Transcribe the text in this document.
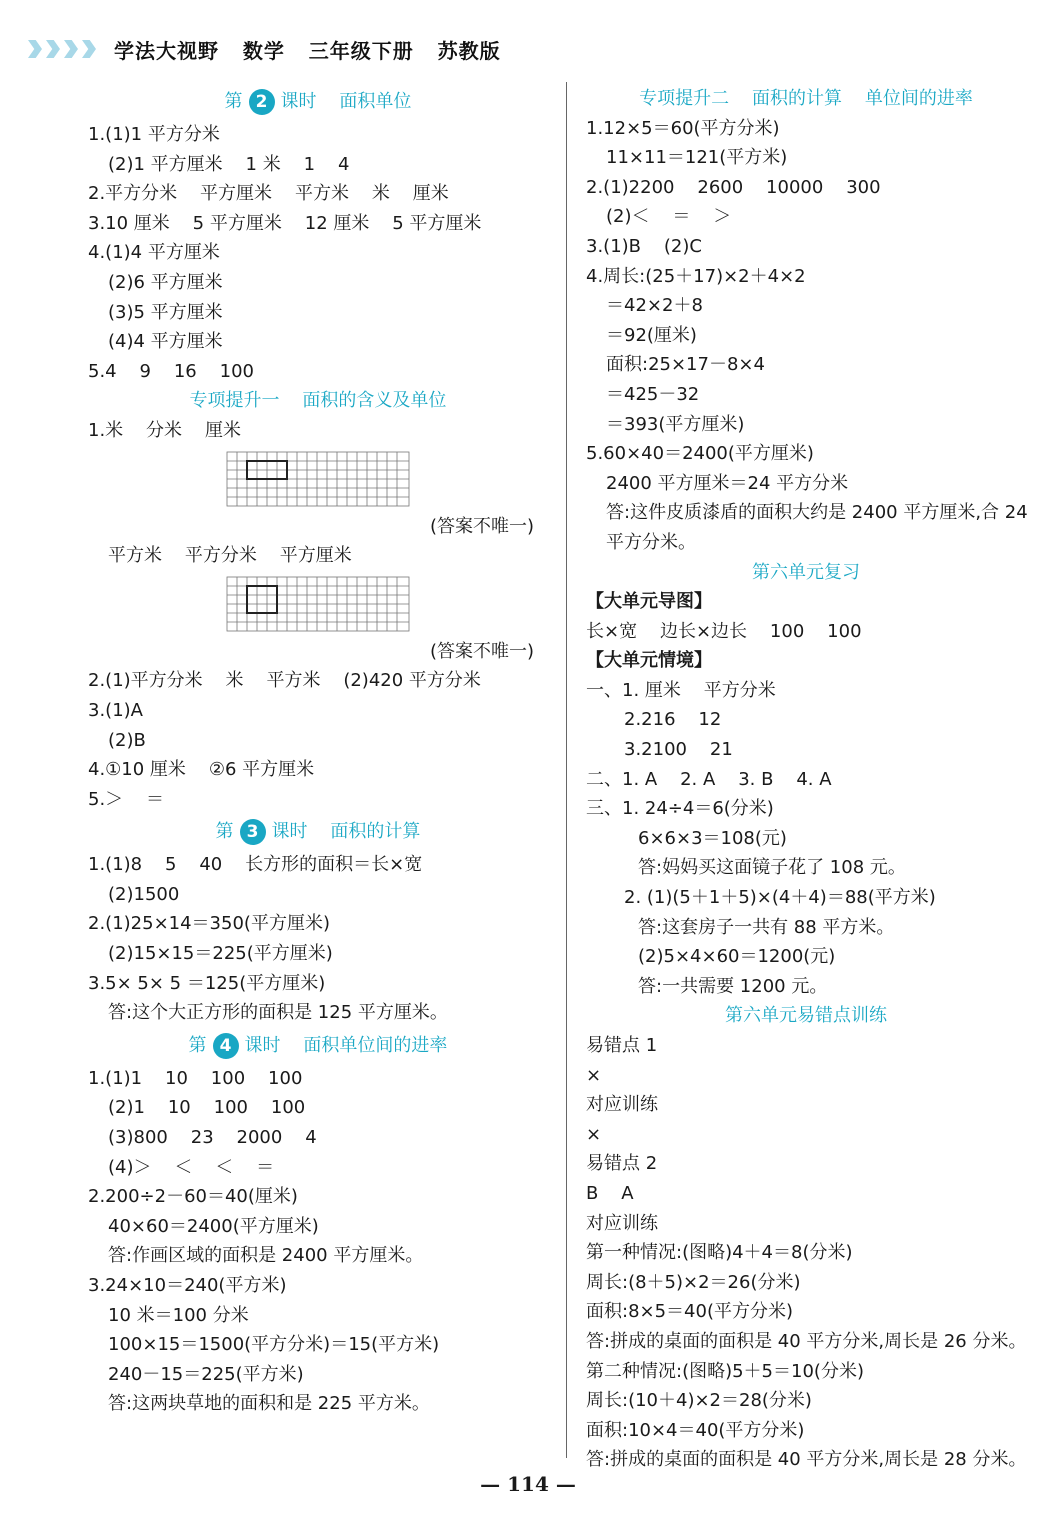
学法大视野   数学   三年级下册   苏教版
第 2 课时    面积单位
1.(1)1 平方分米
(2)1 平方厘米    1 米    1    4
2.平方分米    平方厘米    平方米    米    厘米
3.10 厘米    5 平方厘米    12 厘米    5 平方厘米
4.(1)4 平方厘米
(2)6 平方厘米
(3)5 平方厘米
(4)4 平方厘米
5.4    9    16    100
专项提升一    面积的含义及单位
1.米    分米    厘米
(答案不唯一)
平方米    平方分米    平方厘米
(答案不唯一)
2.(1)平方分米    米    平方米    (2)420 平方分米
3.(1)A
(2)B
4.①10 厘米    ②6 平方厘米
5.＞    ＝
第 3 课时    面积的计算
1.(1)8    5    40    长方形的面积＝长×宽
(2)1500
2.(1)25×14＝350(平方厘米)
(2)15×15＝225(平方厘米)
3.5× 5× 5 ＝125(平方厘米)
答:这个大正方形的面积是 125 平方厘米。
第 4 课时    面积单位间的进率
1.(1)1    10    100    100
(2)1    10    100    100
(3)800    23    2000    4
(4)＞    ＜    ＜    ＝
2.200÷2－60＝40(厘米)
40×60＝2400(平方厘米)
答:作画区域的面积是 2400 平方厘米。
3.24×10＝240(平方米)
10 米＝100 分米
100×15＝1500(平方分米)＝15(平方米)
240－15＝225(平方米)
答:这两块草地的面积和是 225 平方米。
专项提升二    面积的计算    单位间的进率
1.12×5＝60(平方分米)
11×11＝121(平方米)
2.(1)2200    2600    10000    300
(2)＜    ＝    ＞
3.(1)B    (2)C
4.周长:(25＋17)×2＋4×2
＝42×2＋8
＝92(厘米)
面积:25×17－8×4
＝425－32
＝393(平方厘米)
5.60×40＝2400(平方厘米)
2400 平方厘米＝24 平方分米
答:这件皮质漆盾的面积大约是 2400 平方厘米,合 24
平方分米。
第六单元复习
【大单元导图】
长×宽    边长×边长    100    100
【大单元情境】
一、1. 厘米    平方分米
2.216    12
3.2100    21
二、1. A    2. A    3. B    4. A
三、1. 24÷4＝6(分米)
6×6×3＝108(元)
答:妈妈买这面镜子花了 108 元。
2. (1)(5＋1＋5)×(4＋4)＝88(平方米)
答:这套房子一共有 88 平方米。
(2)5×4×60＝1200(元)
答:一共需要 1200 元。
第六单元易错点训练
易错点 1
×
对应训练
×
易错点 2
B    A
对应训练
第一种情况:(图略)4＋4＝8(分米)
周长:(8＋5)×2＝26(分米)
面积:8×5＝40(平方分米)
答:拼成的桌面的面积是 40 平方分米,周长是 26 分米。
第二种情况:(图略)5＋5＝10(分米)
周长:(10＋4)×2＝28(分米)
面积:10×4＝40(平方分米)
答:拼成的桌面的面积是 40 平方分米,周长是 28 分米。
— 114 —
